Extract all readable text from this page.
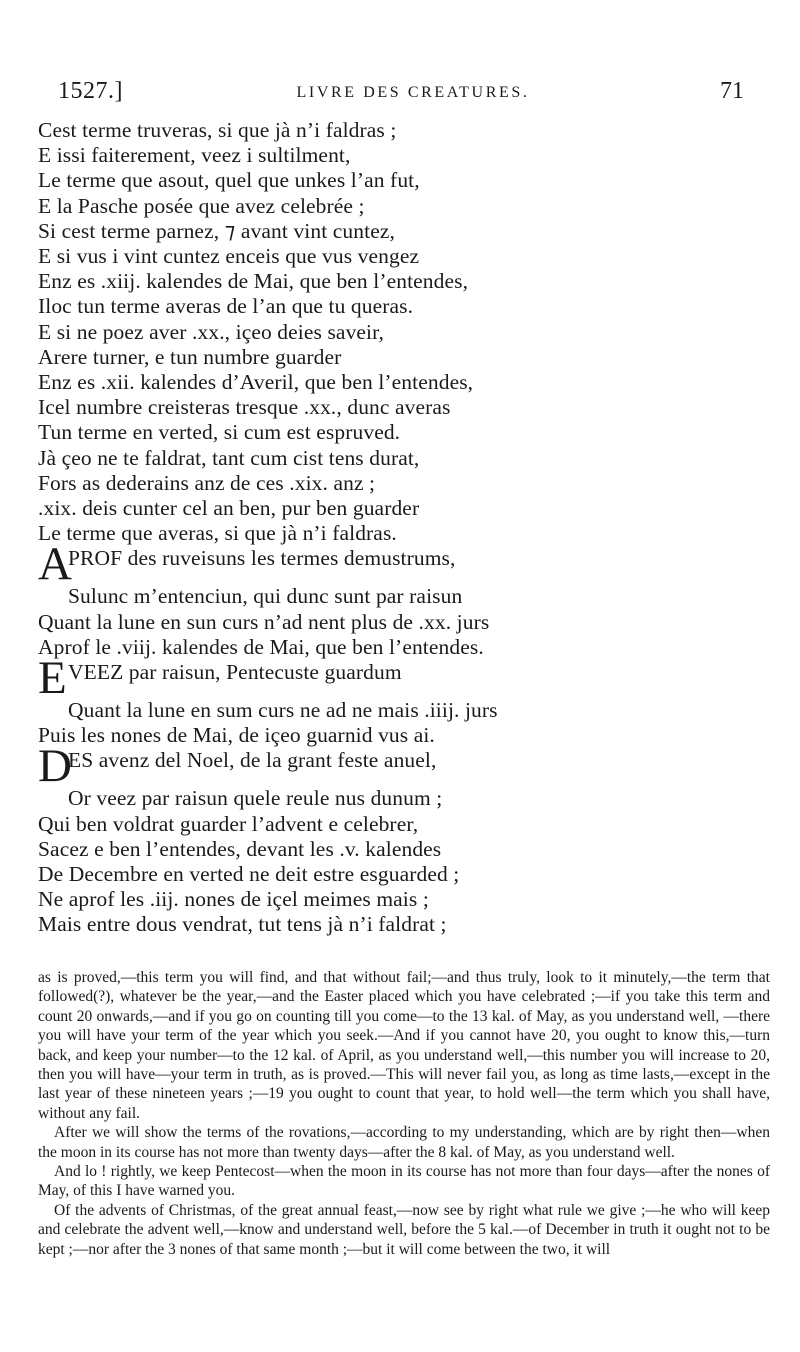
1527.]	LIVRE DES CREATURES.	71
Cest terme truveras, si que jà n’i faldras ;
E issi faiterement, veez i sultilment,
Le terme que asout, quel que unkes l’an fut,
E la Pasche posée que avez celebrée ;
Si cest terme parnez, ⁊ avant vint cuntez,
E si vus i vint cuntez enceis que vus vengez
Enz es .xiij. kalendes de Mai, que ben l’entendes,
Iloc tun terme averas de l’an que tu queras.
E si ne poez aver .xx., içeo deies saveir,
Arere turner, e tun numbre guarder
Enz es .xii. kalendes d’Averil, que ben l’entendes,
Icel numbre creisteras tresque .xx., dunc averas
Tun terme en verted, si cum est espruved.
Jà çeo ne te faldrat, tant cum cist tens durat,
Fors as dederains anz de ces .xix. anz ;
.xix. deis cunter cel an ben, pur ben guarder
Le terme que averas, si que jà n’i faldras.
APROF des ruveisuns les termes demustrums,
Sulunc m’entenciun, qui dunc sunt par raisun
Quant la lune en sun curs n’ad nent plus de .xx. jurs
Aprof le .viij. kalendes de Mai, que ben l’entendes.
EVEEZ par raisun, Pentecuste guardum
Quant la lune en sum curs ne ad ne mais .iiij. jurs
Puis les nones de Mai, de içeo guarnid vus ai.
DES avenz del Noel, de la grant feste anuel,
Or veez par raisun quele reule nus dunum ;
Qui ben voldrat guarder l’advent e celebrer,
Sacez e ben l’entendes, devant les .v. kalendes
De Decembre en verted ne deit estre esguarded ;
Ne aprof les .iij. nones de içel meimes mais ;
Mais entre dous vendrat, tut tens jà n’i faldrat ;

as is proved,—this term you will find, and that without fail;—and thus truly, look to it minutely,—the term that followed(?), whatever be the year,—and the Easter placed which you have celebrated ;—if you take this term and count 20 onwards,—and if you go on counting till you come—to the 13 kal. of May, as you understand well, —there you will have your term of the year which you seek.—And if you cannot have 20, you ought to know this,—turn back, and keep your number—to the 12 kal. of April, as you understand well,—this number you will increase to 20, then you will have—your term in truth, as is proved.—This will never fail you, as long as time lasts,—except in the last year of these nineteen years ;—19 you ought to count that year, to hold well—the term which you shall have, without any fail.

After we will show the terms of the rovations,—according to my understanding, which are by right then—when the moon in its course has not more than twenty days—after the 8 kal. of May, as you understand well.

And lo ! rightly, we keep Pentecost—when the moon in its course has not more than four days—after the nones of May, of this I have warned you.

Of the advents of Christmas, of the great annual feast,—now see by right what rule we give ;—he who will keep and celebrate the advent well,—know and understand well, before the 5 kal.—of December in truth it ought not to be kept ;—nor after the 3 nones of that same month ;—but it will come between the two, it will
